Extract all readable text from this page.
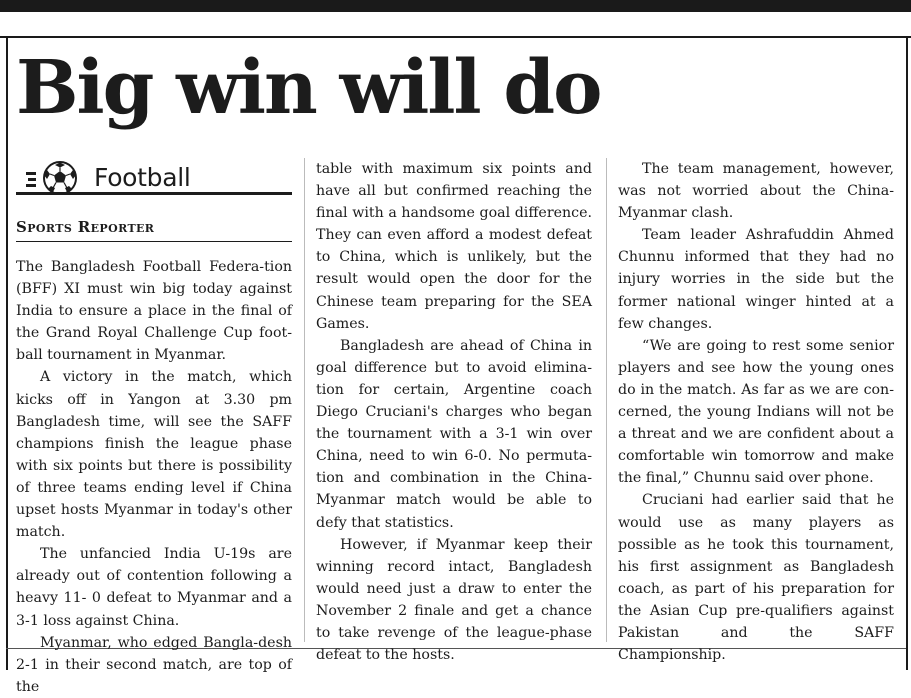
Big win will do
Football
Sports Reporter

The Bangladesh Football Federa-tion (BFF) XI must win big today against India to ensure a place in the final of the Grand Royal Challenge Cup foot-ball tournament in Myanmar.

A victory in the match, which kicks off in Yangon at 3.30 pm Bangladesh time, will see the SAFF champions finish the league phase with six points but there is possibility of three teams ending level if China upset hosts Myanmar in today's other match.

The unfancied India U-19s are already out of contention following a heavy 11- 0 defeat to Myanmar and a 3-1 loss against China.

Myanmar, who edged Bangla-desh 2-1 in their second match, are top of the

table with maximum six points and have all but confirmed reaching the final with a handsome goal difference. They can even afford a modest defeat to China, which is unlikely, but the result would open the door for the Chinese team preparing for the SEA Games.

Bangladesh are ahead of China in goal difference but to avoid elimina-tion for certain, Argentine coach Diego Cruciani's charges who began the tournament with a 3-1 win over China, need to win 6-0. No permuta-tion and combination in the China-Myanmar match would be able to defy that statistics.

However, if Myanmar keep their winning record intact, Bangladesh would need just a draw to enter the November 2 finale and get a chance to take revenge of the league-phase defeat to the hosts.

The team management, however, was not worried about the China-Myanmar clash.

Team leader Ashrafuddin Ahmed Chunnu informed that they had no injury worries in the side but the former national winger hinted at a few changes.

“We are going to rest some senior players and see how the young ones do in the match. As far as we are con-cerned, the young Indians will not be a threat and we are confident about a comfortable win tomorrow and make the final,” Chunnu said over phone.

Cruciani had earlier said that he would use as many players as possible as he took this tournament, his first assignment as Bangladesh coach, as part of his preparation for the Asian Cup pre-qualifiers against Pakistan and the SAFF Championship.
